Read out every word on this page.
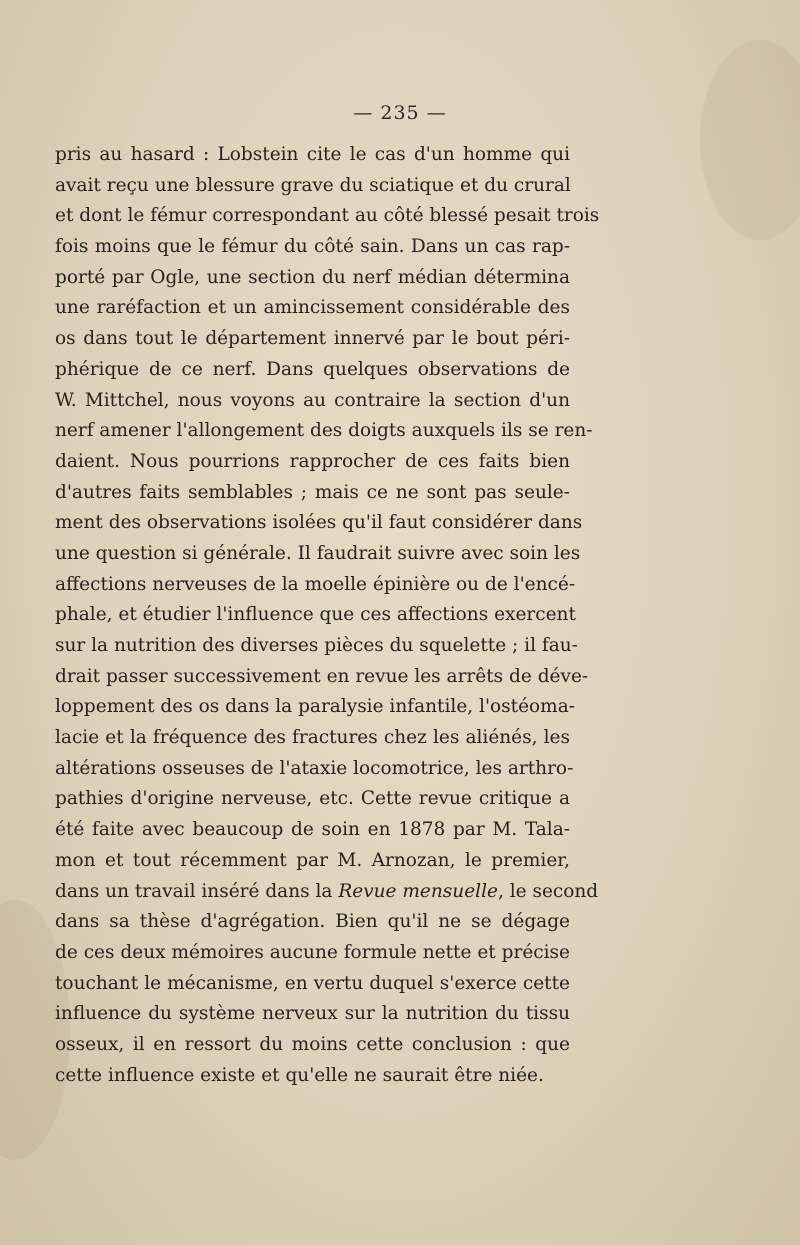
— 235 —
pris au hasard : Lobstein cite le cas d'un homme qui
avait reçu une blessure grave du sciatique et du crural
et dont le fémur correspondant au côté blessé pesait trois
fois moins que le fémur du côté sain. Dans un cas rap-
porté par Ogle, une section du nerf médian détermina
une raréfaction et un amincissement considérable des
os dans tout le département innervé par le bout péri-
phérique de ce nerf. Dans quelques observations de
W. Mittchel, nous voyons au contraire la section d'un
nerf amener l'allongement des doigts auxquels ils se ren-
daient. Nous pourrions rapprocher de ces faits bien
d'autres faits semblables ; mais ce ne sont pas seule-
ment des observations isolées qu'il faut considérer dans
une question si générale. Il faudrait suivre avec soin les
affections nerveuses de la moelle épinière ou de l'encé-
phale, et étudier l'influence que ces affections exercent
sur la nutrition des diverses pièces du squelette ; il fau-
drait passer successivement en revue les arrêts de déve-
loppement des os dans la paralysie infantile, l'ostéoma-
lacie et la fréquence des fractures chez les aliénés, les
altérations osseuses de l'ataxie locomotrice, les arthro-
pathies d'origine nerveuse, etc. Cette revue critique a
été faite avec beaucoup de soin en 1878 par M. Tala-
mon et tout récemment par M. Arnozan, le premier,
dans un travail inséré dans la Revue mensuelle, le second
dans sa thèse d'agrégation. Bien qu'il ne se dégage
de ces deux mémoires aucune formule nette et précise
touchant le mécanisme, en vertu duquel s'exerce cette
influence du système nerveux sur la nutrition du tissu
osseux, il en ressort du moins cette conclusion : que
cette influence existe et qu'elle ne saurait être niée.
